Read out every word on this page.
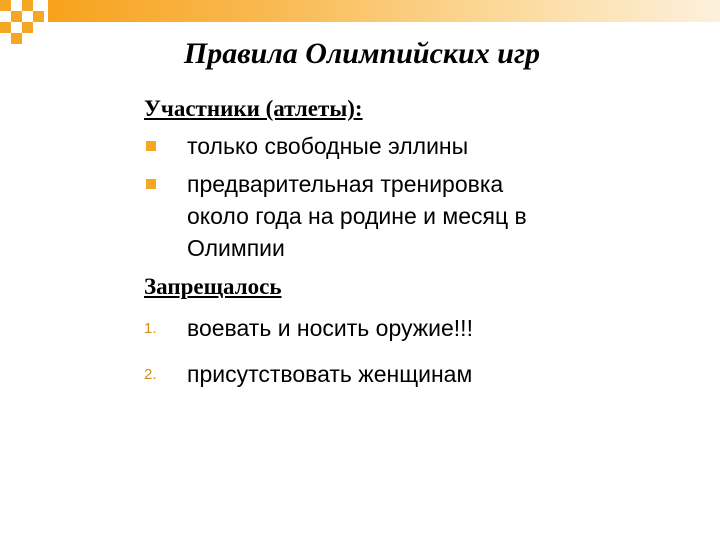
Правила Олимпийских игр

Участники (атлеты):

только свободные эллины
предварительная тренировка около года на родине и месяц в Олимпии

Запрещалось

1. воевать и носить оружие!!!
2. присутствовать женщинам
